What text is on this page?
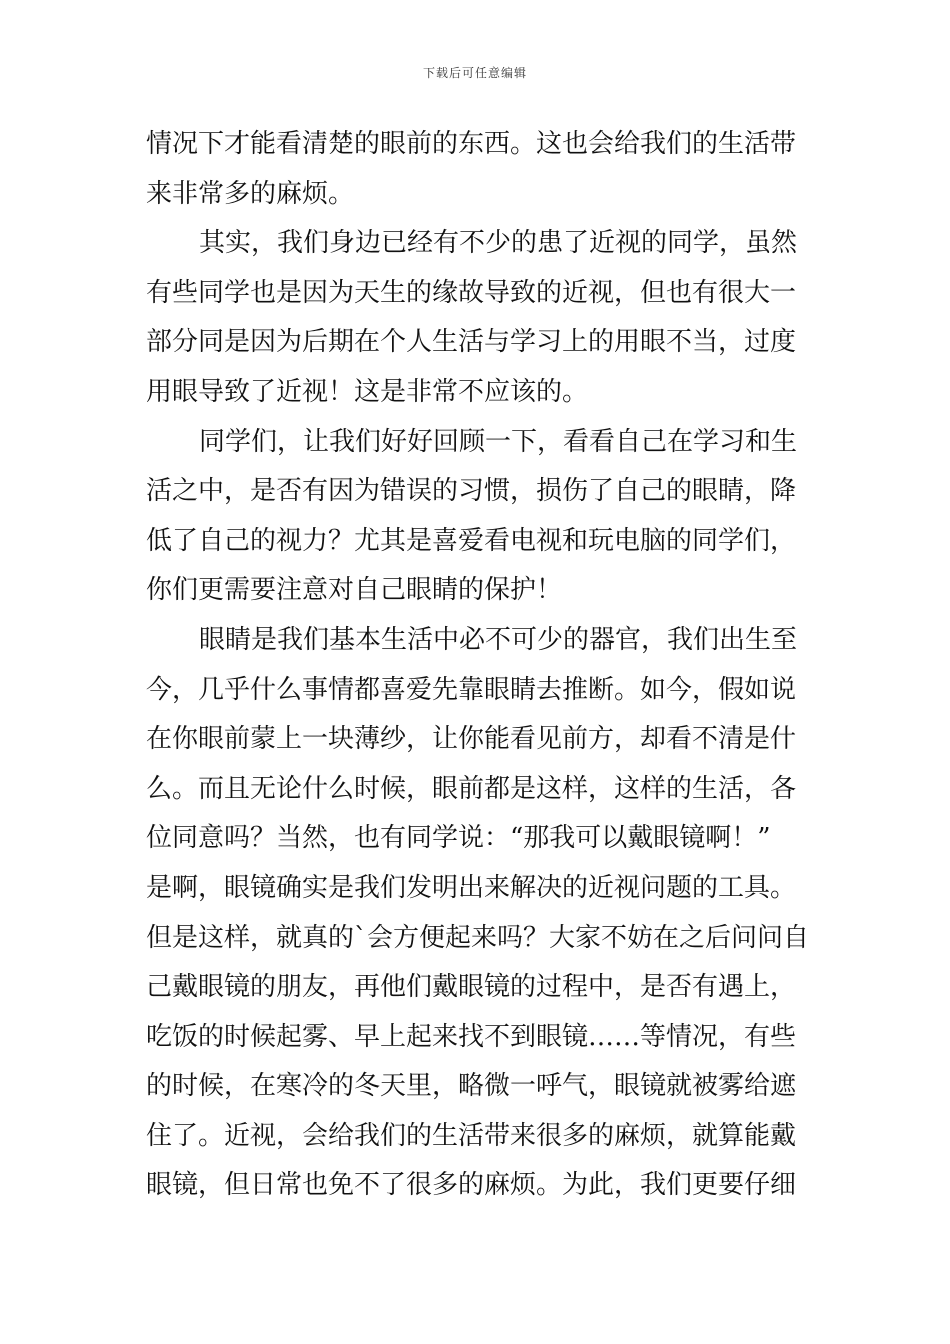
下载后可任意编辑
情况下才能看清楚的眼前的东西。这也会给我们的生活带
来非常多的麻烦。
其实，我们身边已经有不少的患了近视的同学，虽然
有些同学也是因为天生的缘故导致的近视，但也有很大一
部分同是因为后期在个人生活与学习上的用眼不当，过度
用眼导致了近视！这是非常不应该的。
同学们，让我们好好回顾一下，看看自己在学习和生
活之中，是否有因为错误的习惯，损伤了自己的眼睛，降
低了自己的视力？尤其是喜爱看电视和玩电脑的同学们，
你们更需要注意对自己眼睛的保护！
眼睛是我们基本生活中必不可少的器官，我们出生至
今，几乎什么事情都喜爱先靠眼睛去推断。如今，假如说
在你眼前蒙上一块薄纱，让你能看见前方，却看不清是什
么。而且无论什么时候，眼前都是这样，这样的生活，各
位同意吗？当然，也有同学说：“那我可以戴眼镜啊！”
是啊，眼镜确实是我们发明出来解决的近视问题的工具。
但是这样，就真的`会方便起来吗？大家不妨在之后问问自
己戴眼镜的朋友，再他们戴眼镜的过程中，是否有遇上，
吃饭的时候起雾、早上起来找不到眼镜……等情况，有些
的时候，在寒冷的冬天里，略微一呼气，眼镜就被雾给遮
住了。近视，会给我们的生活带来很多的麻烦，就算能戴
眼镜，但日常也免不了很多的麻烦。为此，我们更要仔细
